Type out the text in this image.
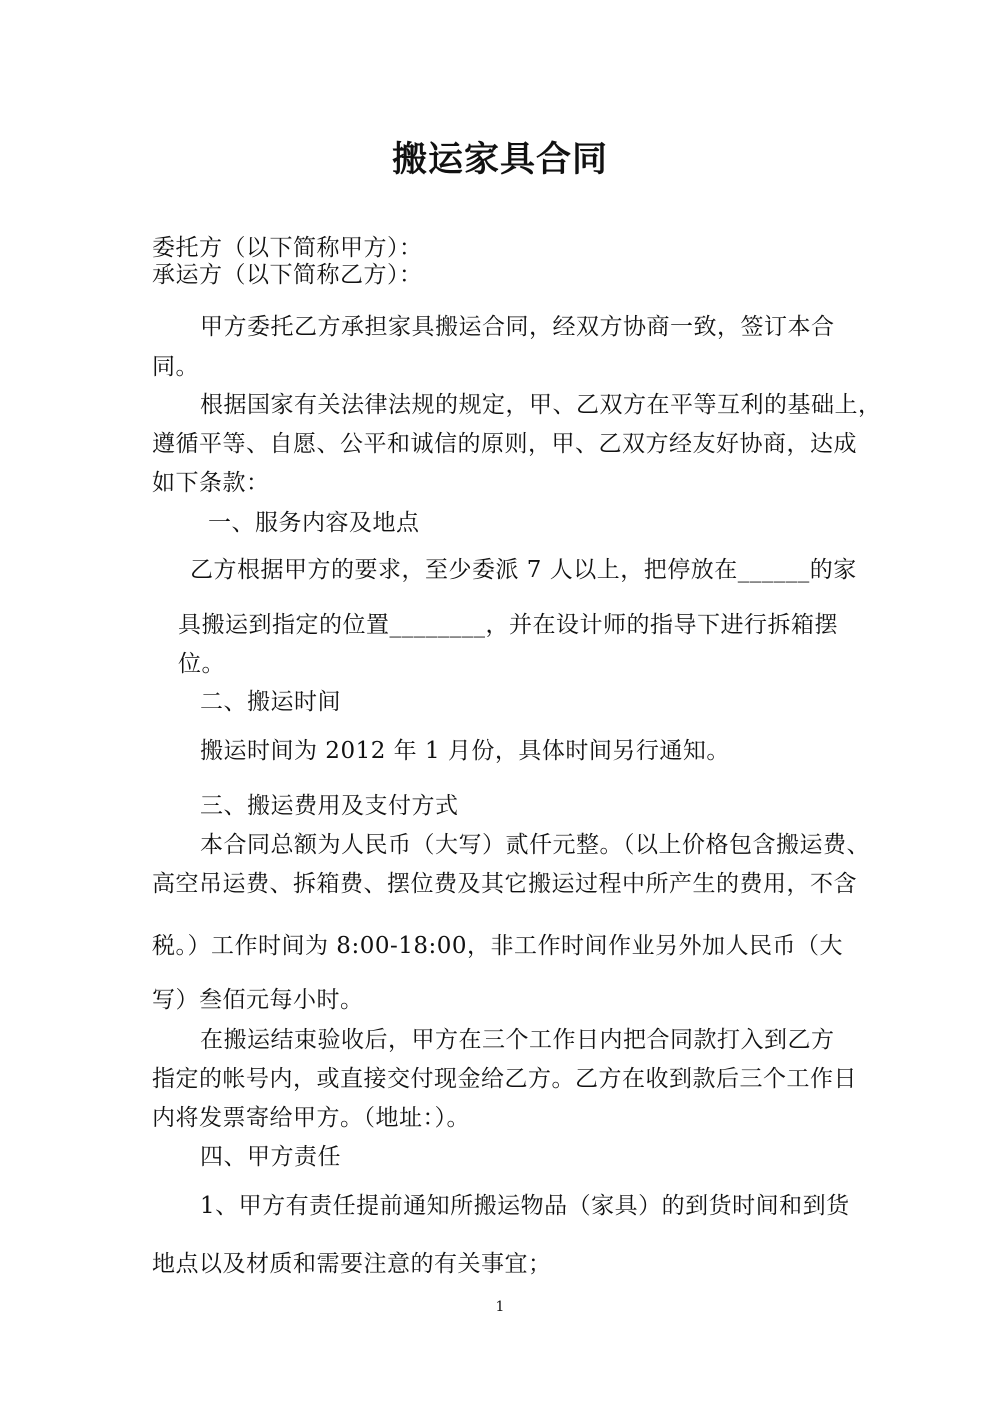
搬运家具合同
委托方（以下简称甲方）：
承运方（以下简称乙方）：
甲方委托乙方承担家具搬运合同，经双方协商一致，签订本合
同。
根据国家有关法律法规的规定，甲、乙双方在平等互利的基础上，
遵循平等、自愿、公平和诚信的原则，甲、乙双方经友好协商，达成
如下条款：
一、服务内容及地点
乙方根据甲方的要求，至少委派 7 人以上，把停放在______的家
具搬运到指定的位置________，并在设计师的指导下进行拆箱摆
位。
二、搬运时间
搬运时间为 2012 年 1 月份，具体时间另行通知。
三、搬运费用及支付方式
本合同总额为人民币（大写）贰仟元整。（以上价格包含搬运费、
高空吊运费、拆箱费、摆位费及其它搬运过程中所产生的费用，不含
税。）工作时间为 8:00-18:00，非工作时间作业另外加人民币（大
写）叁佰元每小时。
在搬运结束验收后，甲方在三个工作日内把合同款打入到乙方
指定的帐号内，或直接交付现金给乙方。乙方在收到款后三个工作日
内将发票寄给甲方。（地址：）。
四、甲方责任
1、甲方有责任提前通知所搬运物品（家具）的到货时间和到货
地点以及材质和需要注意的有关事宜；
1
